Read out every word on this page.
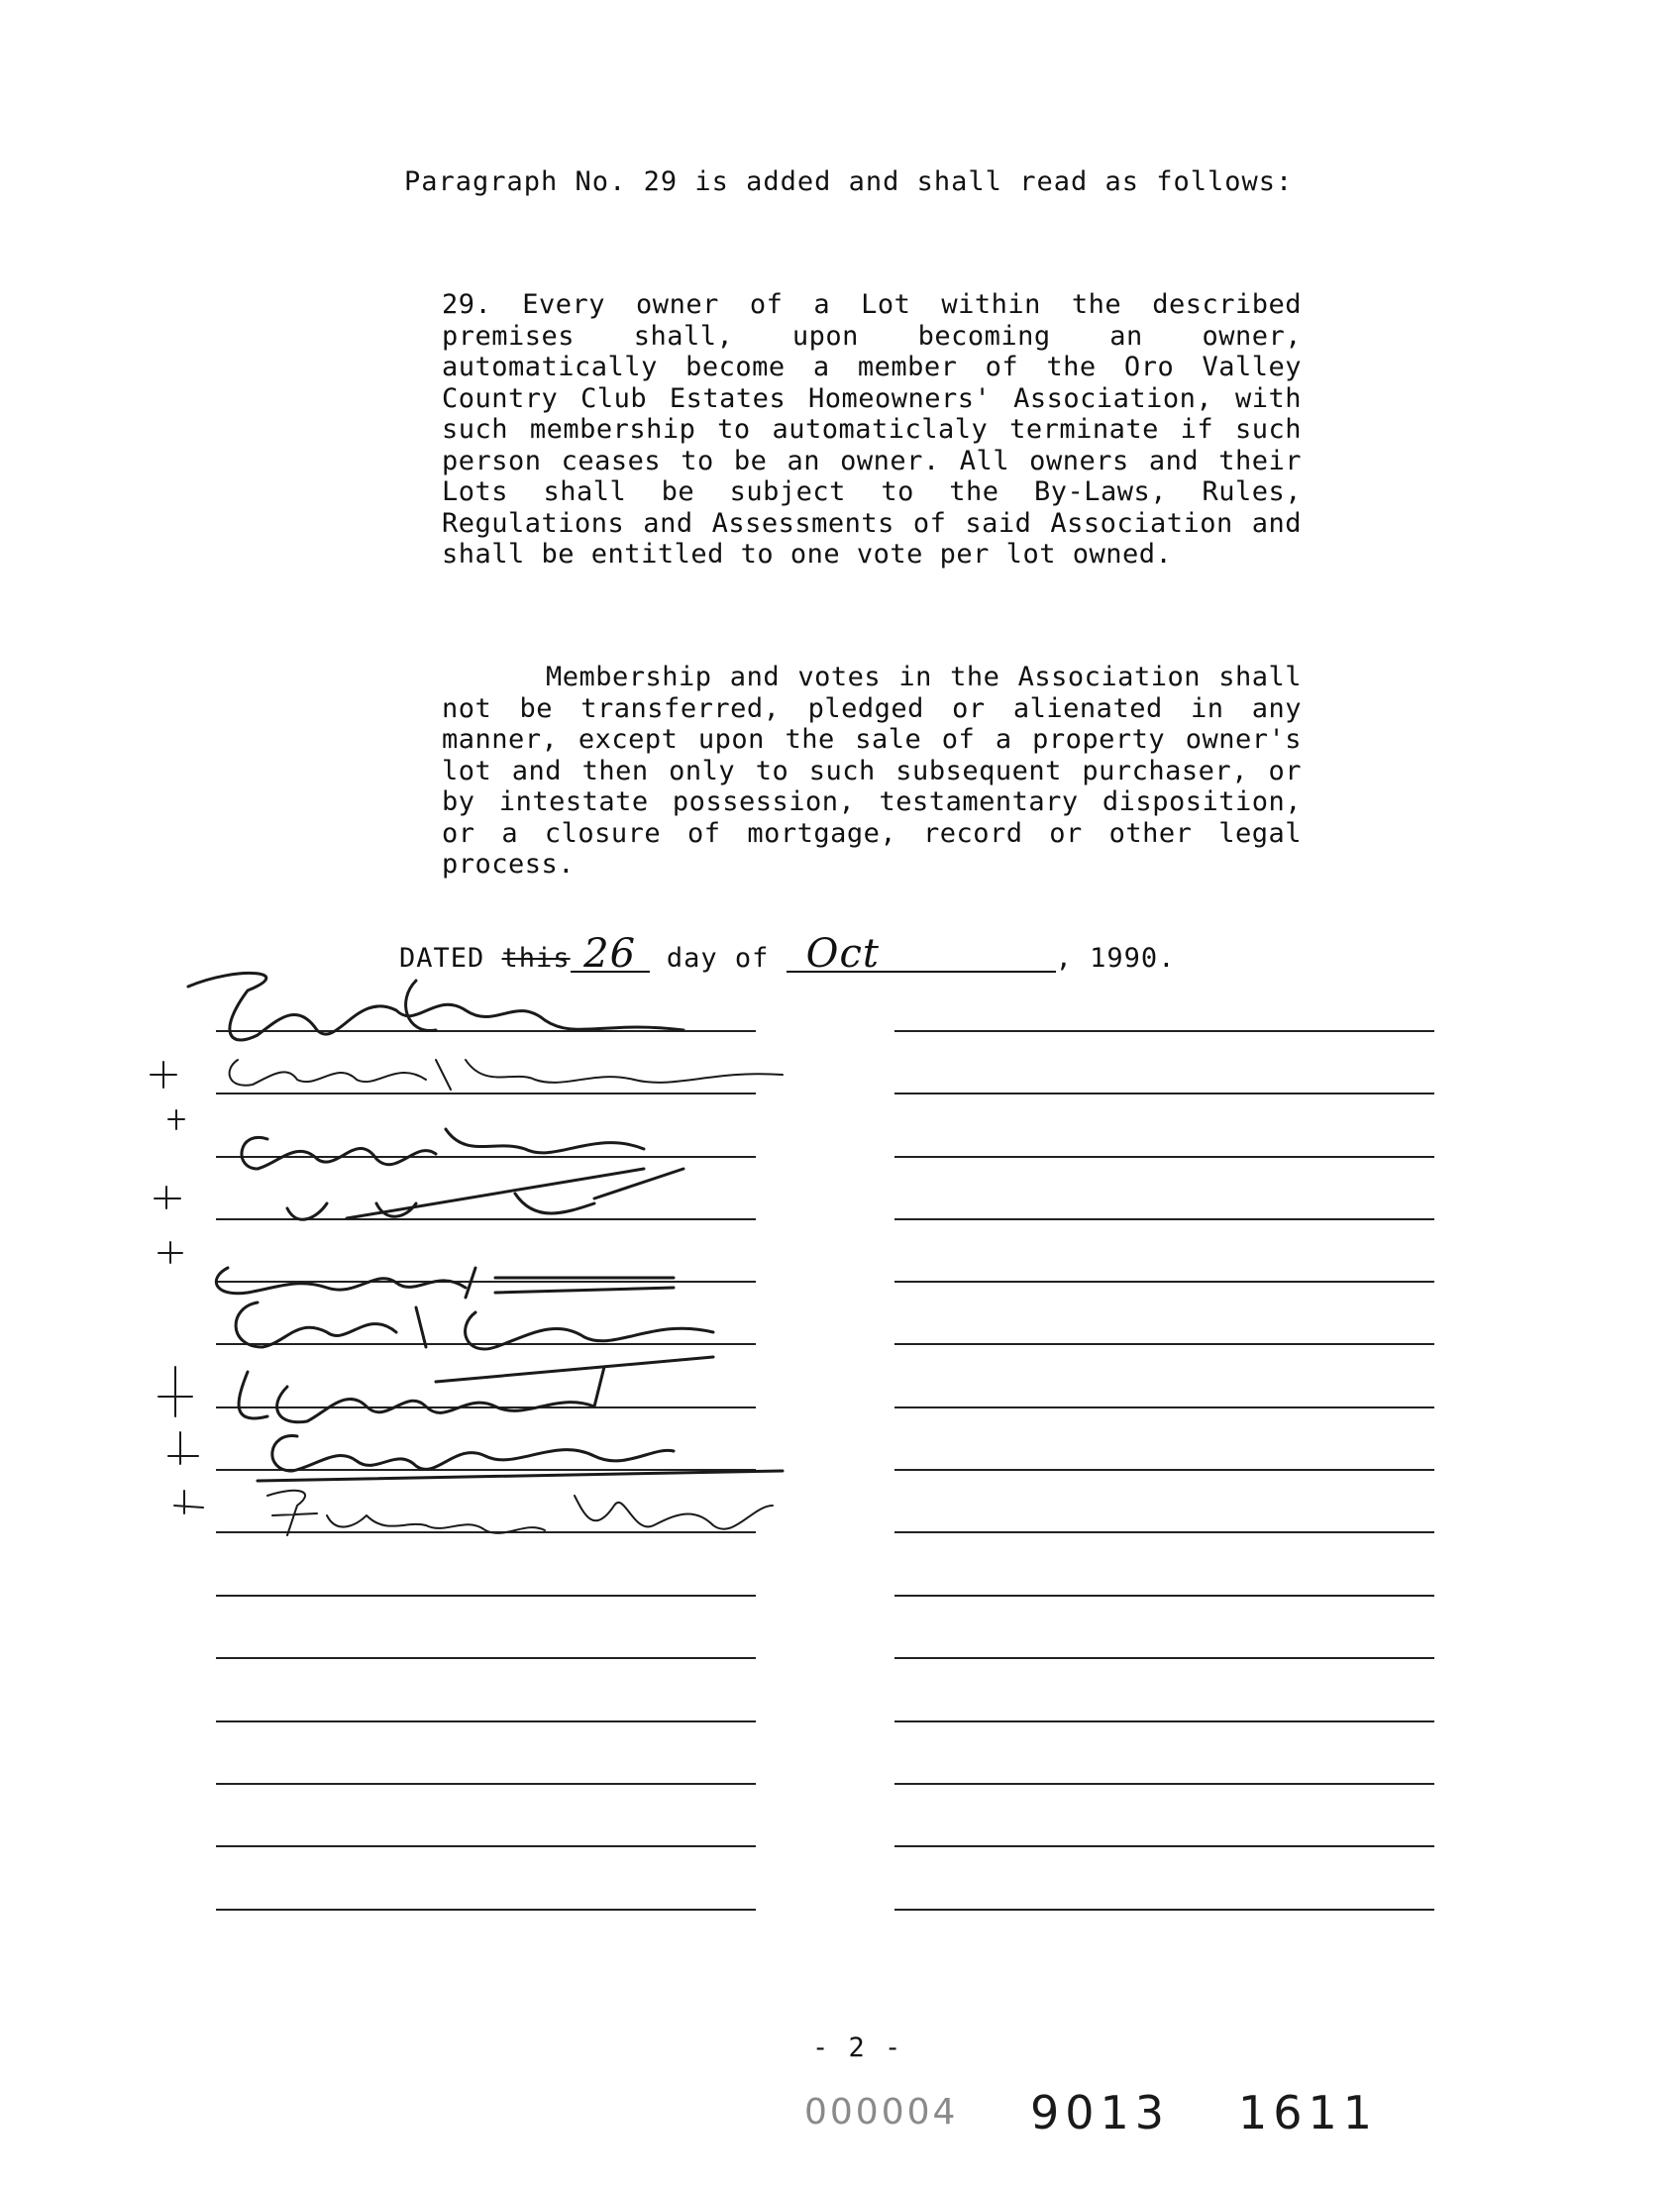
Paragraph No. 29 is added and shall read as follows:
29. Every owner of a Lot within the described premises shall, upon becoming an owner, automatically become a member of the Oro Valley Country Club Estates Homeowners' Association, with such membership to automaticlaly terminate if such person ceases to be an owner. All owners and their Lots shall be subject to the By-Laws, Rules, Regulations and Assessments of said Association and shall be entitled to one vote per lot owned.
Membership and votes in the Association shall not be transferred, pledged or alienated in any manner, except upon the sale of a property owner's lot and then only to such subsequent purchaser, or by intestate possession, testamentary disposition, or a closure of mortgage, record or other legal process.
DATED this 26 day of Oct	, 1990.
- 2 -
000004 9013 1611
